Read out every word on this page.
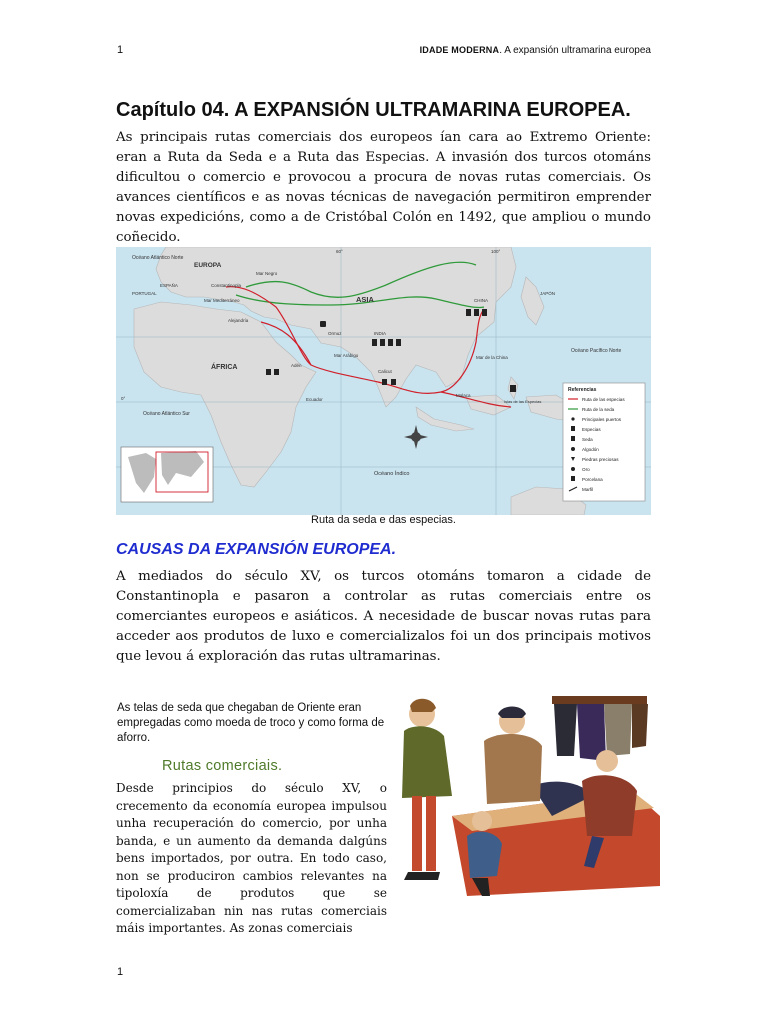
1	IDADE MODERNA. A expansión ultramarina europea
Capítulo 04. A EXPANSIÓN ULTRAMARINA EUROPEA.

As principais rutas comerciais dos europeos ían cara ao Extremo Oriente: eran a Ruta da Seda e a Ruta das Especias. A invasión dos turcos otománs dificultou o comercio e provocou a procura de novas rutas comerciais. Os avances científicos e as novas técnicas de navegación permitiron emprender novas expedicións, como a de Cristóbal Colón en 1492, que ampliou o mundo coñecido.

EUROPA
ASIA
ÁFRICA
Océano Atlántico Norte
Océano Atlántico Sur
Océano Pacífico Norte
Océano Índico
PORTUGAL
ESPAÑA
CHINA
JAPÓN
INDIA
Constantinopla
Alejandría
Mar Negro
Mar Mediterráneo
Ormuz
Mar Arábigo
Adén
Calicut
Malaca
Mar de la China
Islas de las Especias
Ecuador
60°	100°
0°
Referencias
Ruta de las especias
Ruta de la seda
Principales puertos
Especias
Seda
Algodón
Piedras preciosas
Oro
Porcelana
Marfil
Ruta da seda e das especias.
CAUSAS DA EXPANSIÓN EUROPEA.

A mediados do século XV, os turcos otománs tomaron a cidade de Constantinopla e pasaron a controlar as rutas comerciais entre os comerciantes europeos e asiáticos. A necesidade de buscar novas rutas para acceder aos produtos de luxo e comercializalos foi un dos principais motivos que levou á exploración das rutas ultramarinas.

As telas de seda que chegaban de Oriente eran empregadas como moeda de troco y como forma de aforro.

Rutas comerciais.

Desde principios do século XV, o crecemento da economía europea impulsou unha recuperación do comercio, por unha banda, e un aumento da demanda dalgúns bens importados, por outra. En todo caso, non se produciron cambios relevantes na tipoloxía de produtos que se comercializaban nin nas rutas comerciais máis importantes. As zonas comerciais

1
